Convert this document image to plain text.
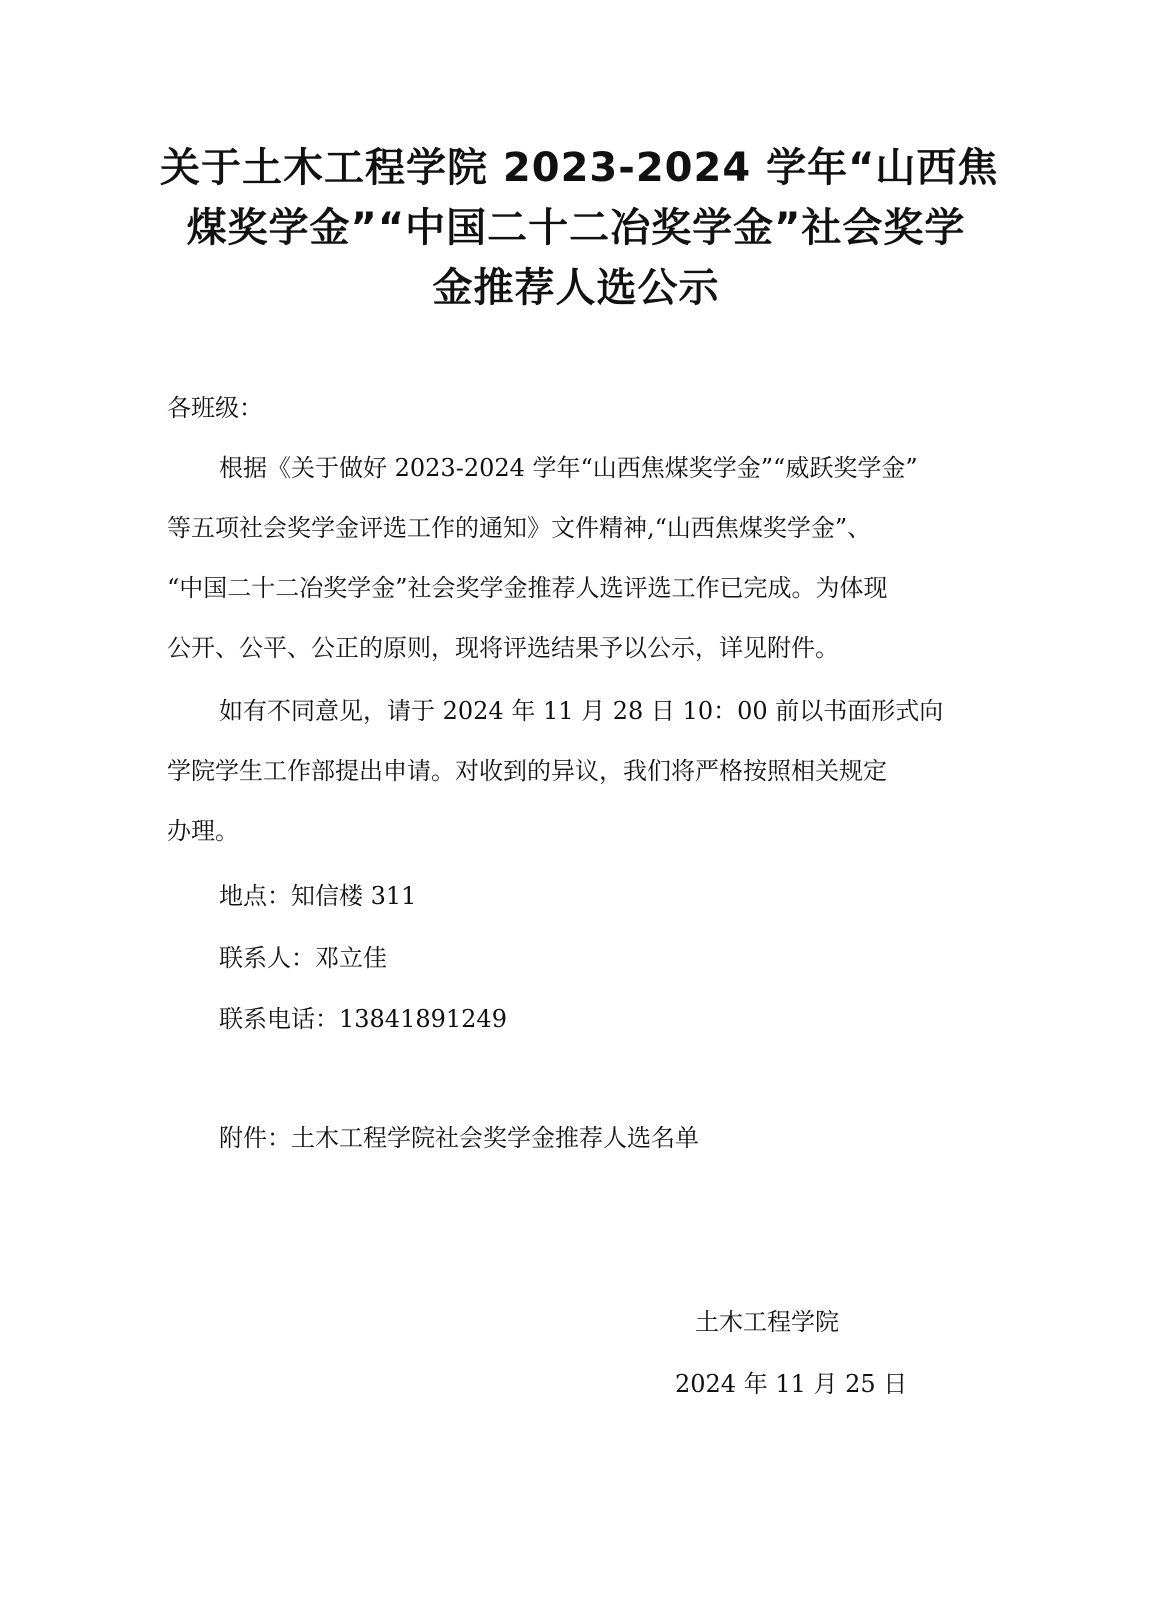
关于土木工程学院 2023-2024 学年“山西焦
煤奖学金”“中国二十二冶奖学金”社会奖学
金推荐人选公示
各班级：
根据《关于做好 2023-2024 学年“山西焦煤奖学金”“威跃奖学金”
等五项社会奖学金评选工作的通知》文件精神,“山西焦煤奖学金”、
“中国二十二冶奖学金”社会奖学金推荐人选评选工作已完成。为体现
公开、公平、公正的原则，现将评选结果予以公示，详见附件。
如有不同意见，请于 2024 年 11 月 28 日 10：00 前以书面形式向
学院学生工作部提出申请。对收到的异议，我们将严格按照相关规定
办理。
地点：知信楼 311
联系人：邓立佳
联系电话：13841891249
附件：土木工程学院社会奖学金推荐人选名单
土木工程学院
2024 年 11 月 25 日
